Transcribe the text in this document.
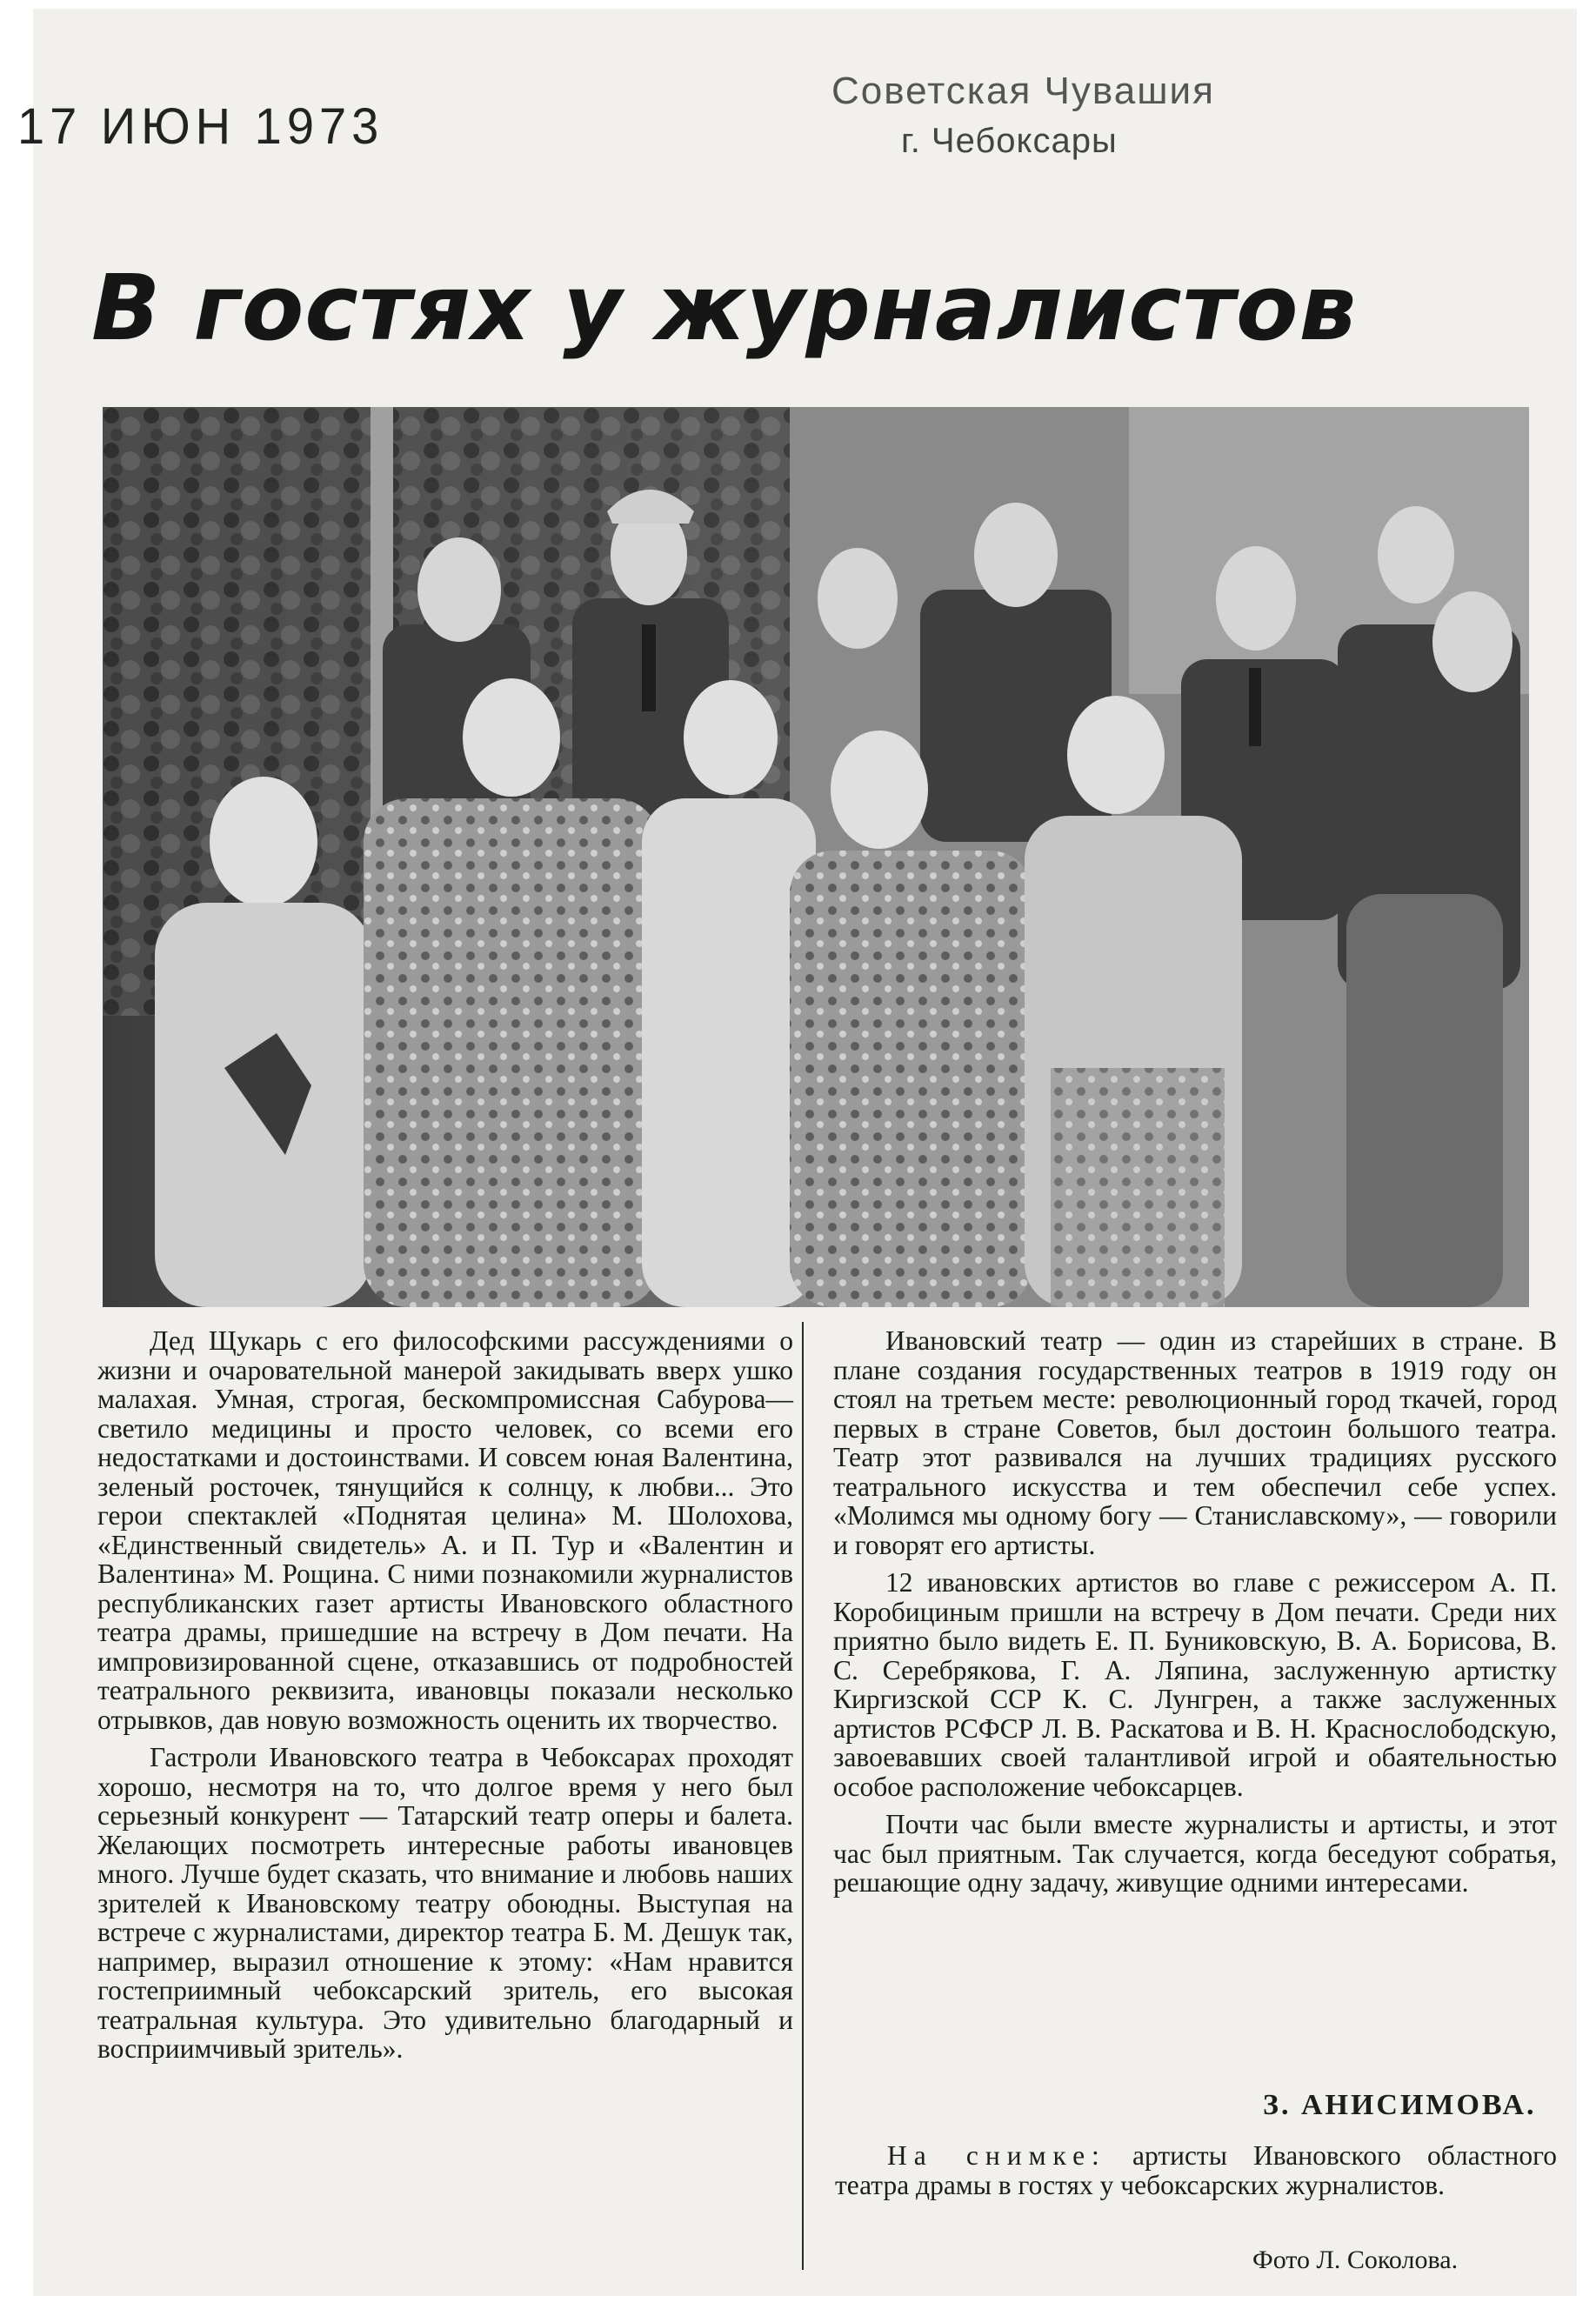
17 ИЮН 1973
Советская Чувашия
г. Чебоксары
В гостях у журналистов

Дед Щукарь с его философскими рассуждениями о жизни и очаровательной манерой закидывать вверх ушко малахая. Умная, строгая, бескомпромиссная Сабурова—светило медицины и просто человек, со всеми его недостатками и достоинствами. И совсем юная Валентина, зеленый росточек, тянущийся к солнцу, к любви... Это герои спектаклей «Поднятая целина» М. Шолохова, «Единственный свидетель» А. и П. Тур и «Валентин и Валентина» М. Рощина. С ними познакомили журналистов республиканских газет артисты Ивановского областного театра драмы, пришедшие на встречу в Дом печати. На импровизированной сцене, отказавшись от подробностей театрального реквизита, ивановцы показали несколько отрывков, дав новую возможность оценить их творчество.

Гастроли Ивановского театра в Чебоксарах проходят хорошо, несмотря на то, что долгое время у него был серьезный конкурент — Татарский театр оперы и балета. Желающих посмотреть интересные работы ивановцев много. Лучше будет сказать, что внимание и любовь наших зрителей к Ивановскому театру обоюдны. Выступая на встрече с журналистами, директор театра Б. М. Дешук так, например, выразил отношение к этому: «Нам нравится гостеприимный чебоксарский зритель, его высокая театральная культура. Это удивительно благодарный и восприимчивый зритель».

Ивановский театр — один из старейших в стране. В плане создания государственных театров в 1919 году он стоял на третьем месте: революционный город ткачей, город первых в стране Советов, был достоин большого театра. Театр этот развивался на лучших традициях русского театрального искусства и тем обеспечил себе успех. «Молимся мы одному богу — Станиславскому», — говорили и говорят его артисты.

12 ивановских артистов во главе с режиссером А. П. Коробициным пришли на встречу в Дом печати. Среди них приятно было видеть Е. П. Буниковскую, В. А. Борисова, В. С. Серебрякова, Г. А. Ляпина, заслуженную артистку Киргизской ССР К. С. Лунгрен, а также заслуженных артистов РСФСР Л. В. Раскатова и В. Н. Краснослободскую, завоевавших своей талантливой игрой и обаятельностью особое расположение чебоксарцев.

Почти час были вместе журналисты и артисты, и этот час был приятным. Так случается, когда беседуют собратья, решающие одну задачу, живущие одними интересами.

З. АНИСИМОВА.
На снимке: артисты Ивановского областного театра драмы в гостях у чебоксарских журналистов.
Фото Л. Соколова.
